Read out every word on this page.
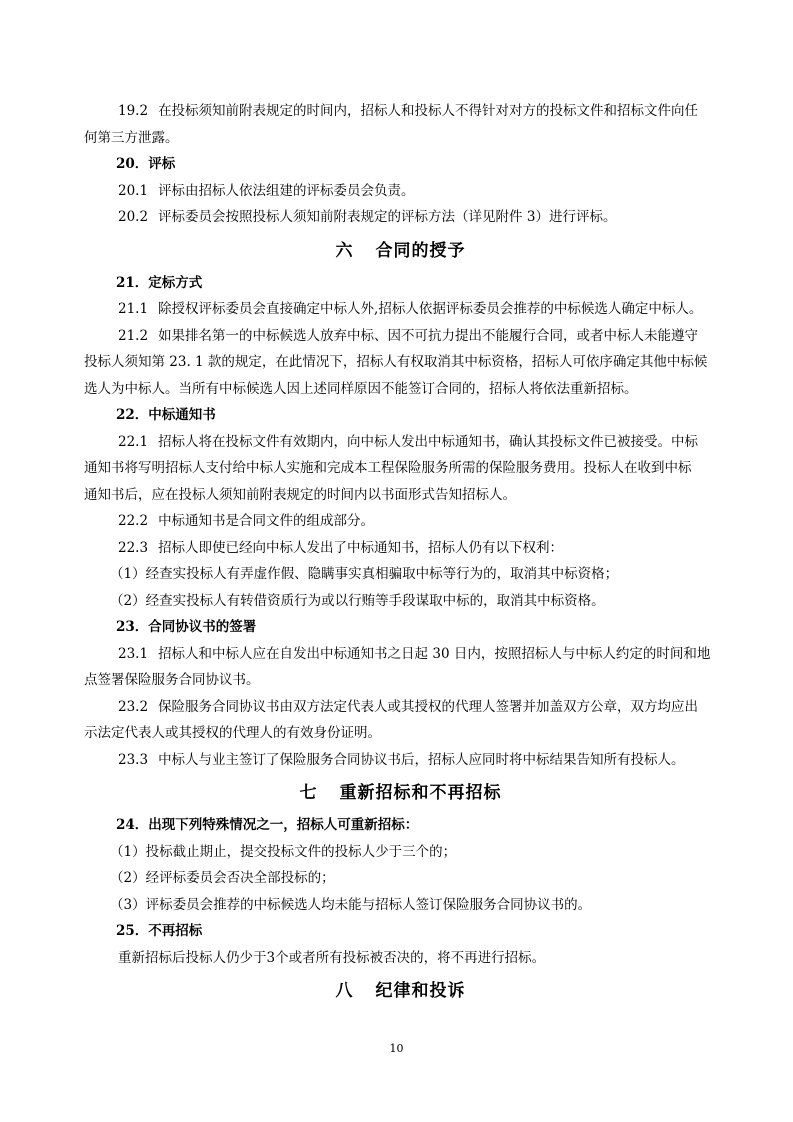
19.2 在投标须知前附表规定的时间内，招标人和投标人不得针对对方的投标文件和招标文件向任

何第三方泄露。

20．评标

20.1 评标由招标人依法组建的评标委员会负责。

20.2 评标委员会按照投标人须知前附表规定的评标方法（详见附件 3）进行评标。

六 合同的授予

21．定标方式

21.1 除授权评标委员会直接确定中标人外,招标人依据评标委员会推荐的中标候选人确定中标人。

21.2 如果排名第一的中标候选人放弃中标、因不可抗力提出不能履行合同，或者中标人未能遵守

投标人须知第 23. 1 款的规定，在此情况下，招标人有权取消其中标资格，招标人可依序确定其他中标候

选人为中标人。当所有中标候选人因上述同样原因不能签订合同的，招标人将依法重新招标。

22．中标通知书

22.1 招标人将在投标文件有效期内，向中标人发出中标通知书，确认其投标文件已被接受。中标

通知书将写明招标人支付给中标人实施和完成本工程保险服务所需的保险服务费用。投标人在收到中标

通知书后，应在投标人须知前附表规定的时间内以书面形式告知招标人。

22.2 中标通知书是合同文件的组成部分。

22.3 招标人即使已经向中标人发出了中标通知书，招标人仍有以下权利：

（1）经查实投标人有弄虚作假、隐瞒事实真相骗取中标等行为的，取消其中标资格；

（2）经查实投标人有转借资质行为或以行贿等手段谋取中标的，取消其中标资格。

23．合同协议书的签署

23.1 招标人和中标人应在自发出中标通知书之日起 30 日内，按照招标人与中标人约定的时间和地

点签署保险服务合同协议书。

23.2 保险服务合同协议书由双方法定代表人或其授权的代理人签署并加盖双方公章，双方均应出

示法定代表人或其授权的代理人的有效身份证明。

23.3 中标人与业主签订了保险服务合同协议书后，招标人应同时将中标结果告知所有投标人。

七 重新招标和不再招标

24．出现下列特殊情况之一，招标人可重新招标：

（1）投标截止期止，提交投标文件的投标人少于三个的；

（2）经评标委员会否决全部投标的；

（3）评标委员会推荐的中标候选人均未能与招标人签订保险服务合同协议书的。

25．不再招标

重新招标后投标人仍少于3个或者所有投标被否决的，将不再进行招标。

八 纪律和投诉
10
